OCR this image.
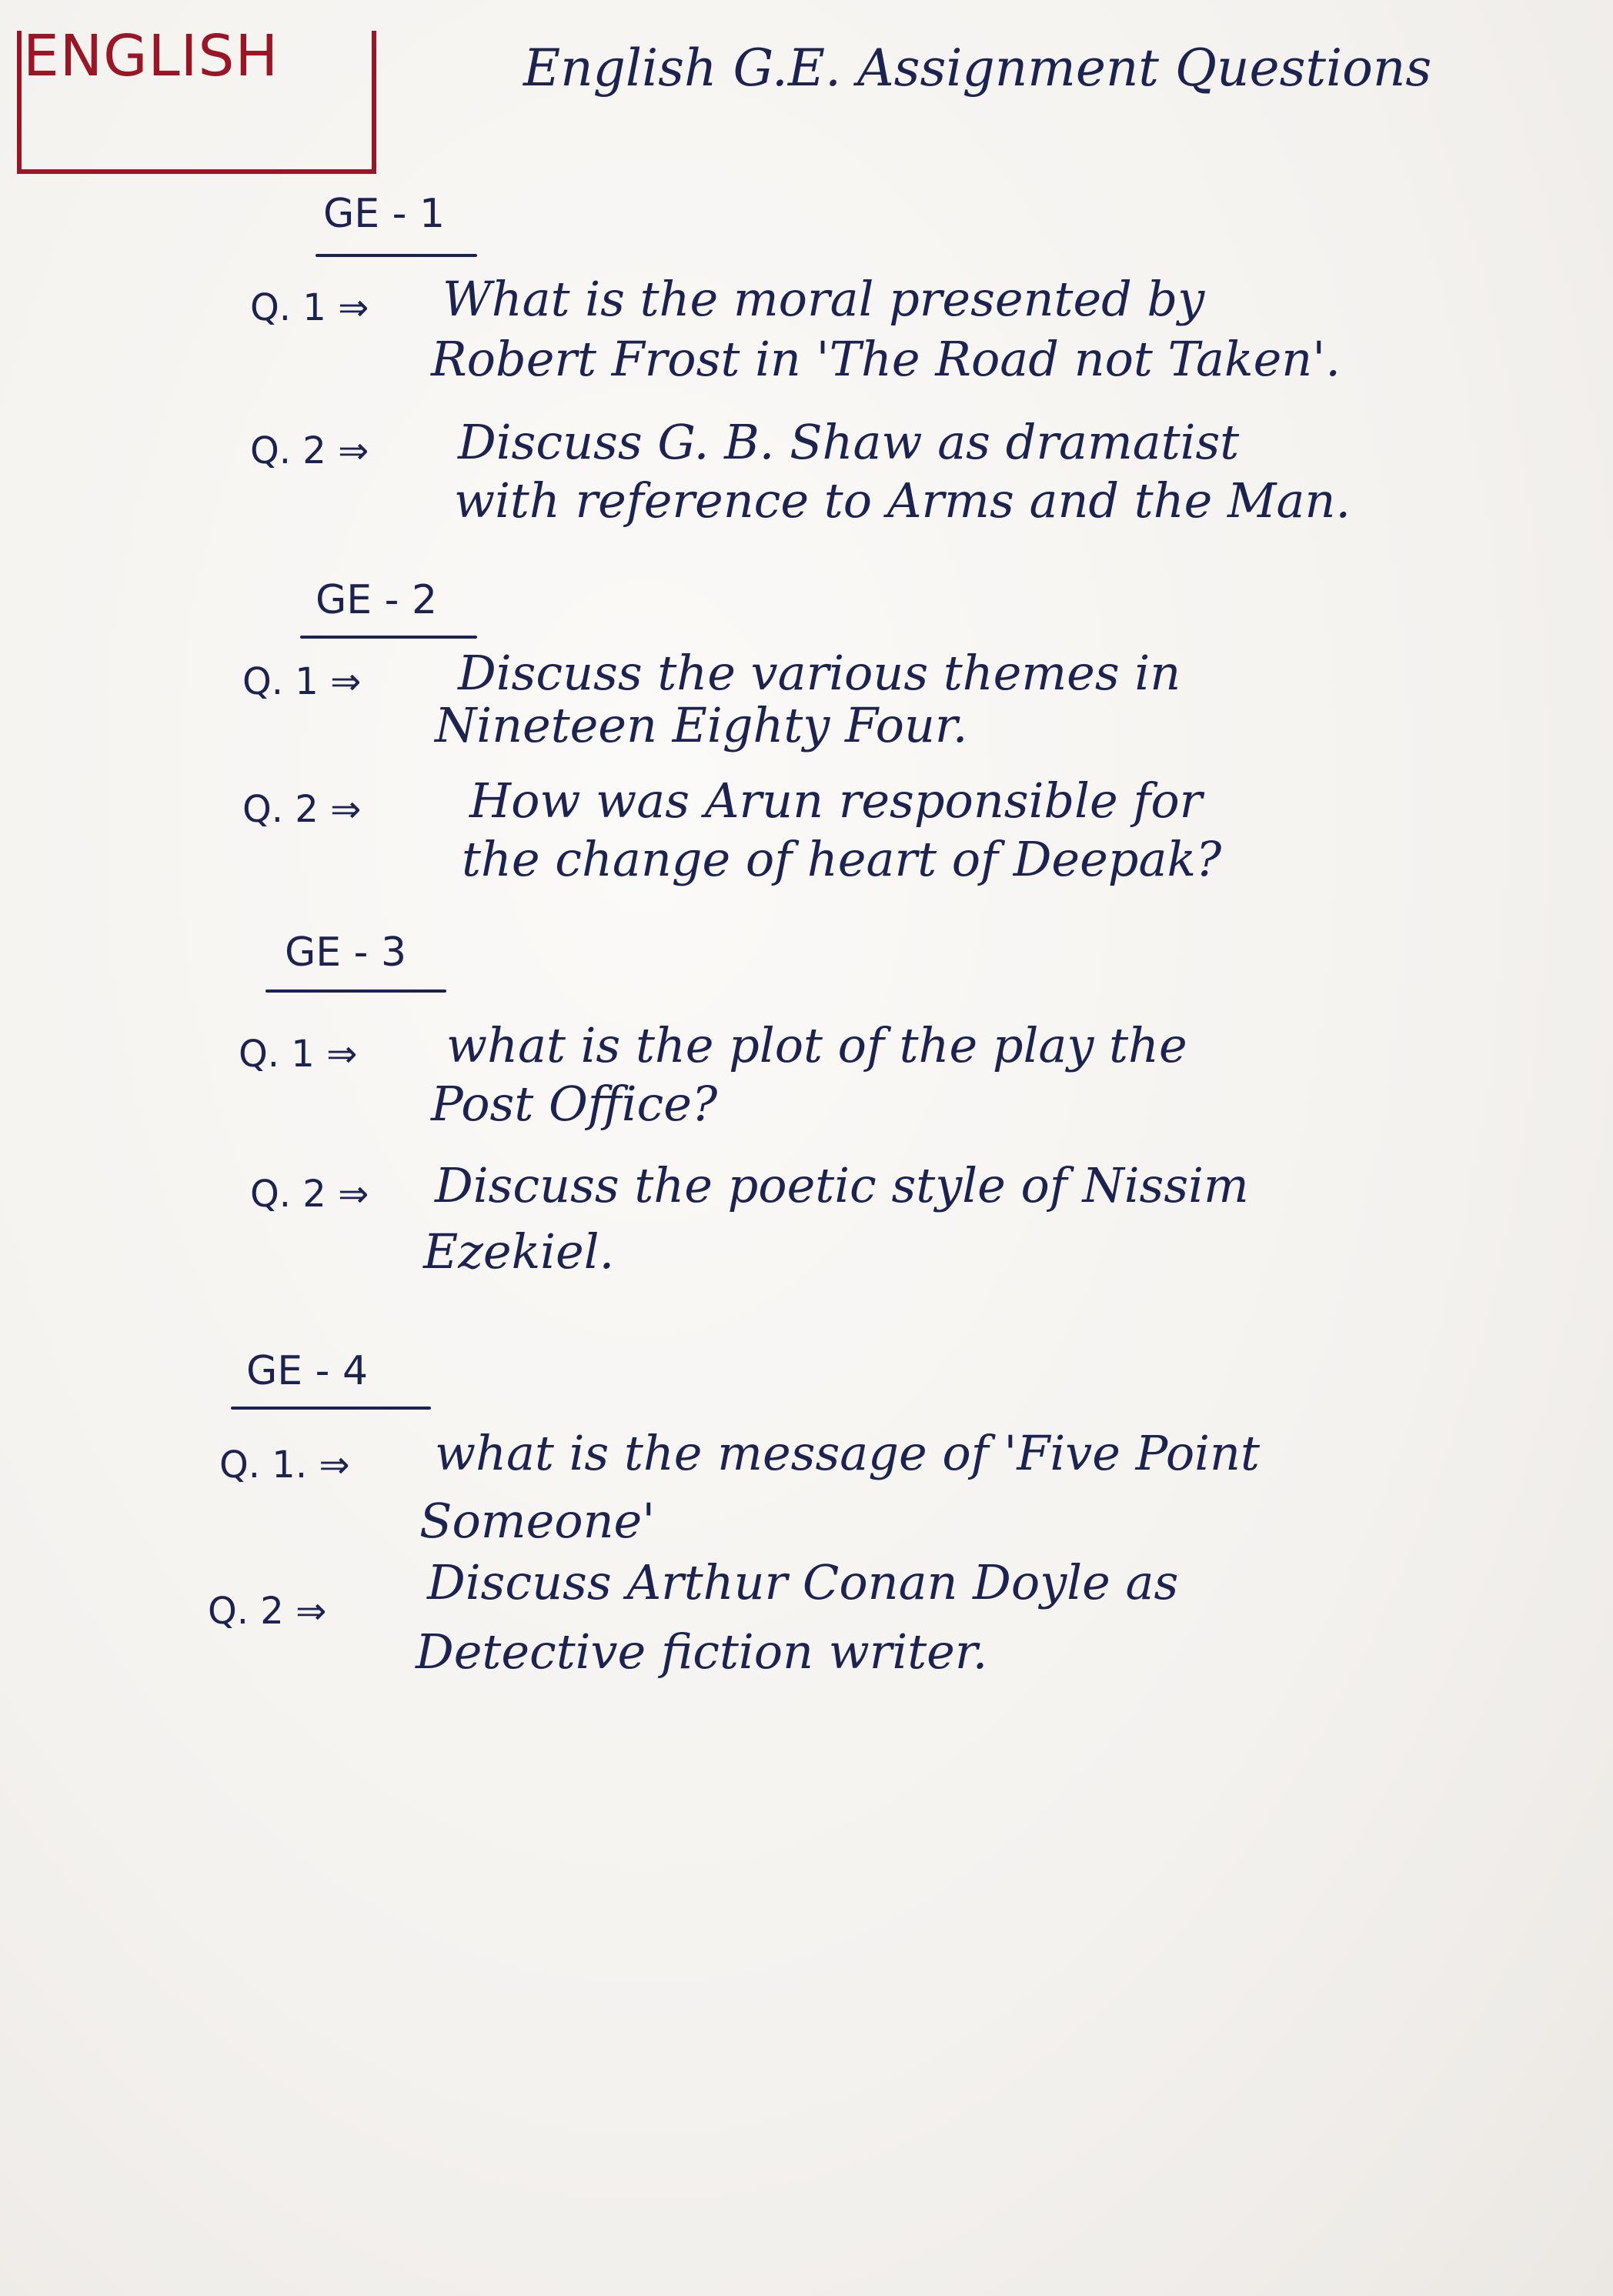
ENGLISH	English G.E. Assignment Questions
GE - 1
Q. 1 ⇒ What is the moral presented by
Robert Frost in 'The Road not Taken'.
Q. 2 ⇒ Discuss G. B. Shaw as dramatist
with reference to Arms and the Man.
GE - 2
Q. 1 ⇒ Discuss the various themes in
Nineteen Eighty Four.
Q. 2 ⇒ How was Arun responsible for
the change of heart of Deepak?
GE - 3
Q. 1 ⇒ what is the plot of the play the
Post Office?
Q. 2 ⇒ Discuss the poetic style of Nissim
Ezekiel.
GE - 4
Q. 1. ⇒ what is the message of 'Five Point
Someone'
Q. 2 ⇒
Discuss Arthur Conan Doyle as
Detective fiction writer.
